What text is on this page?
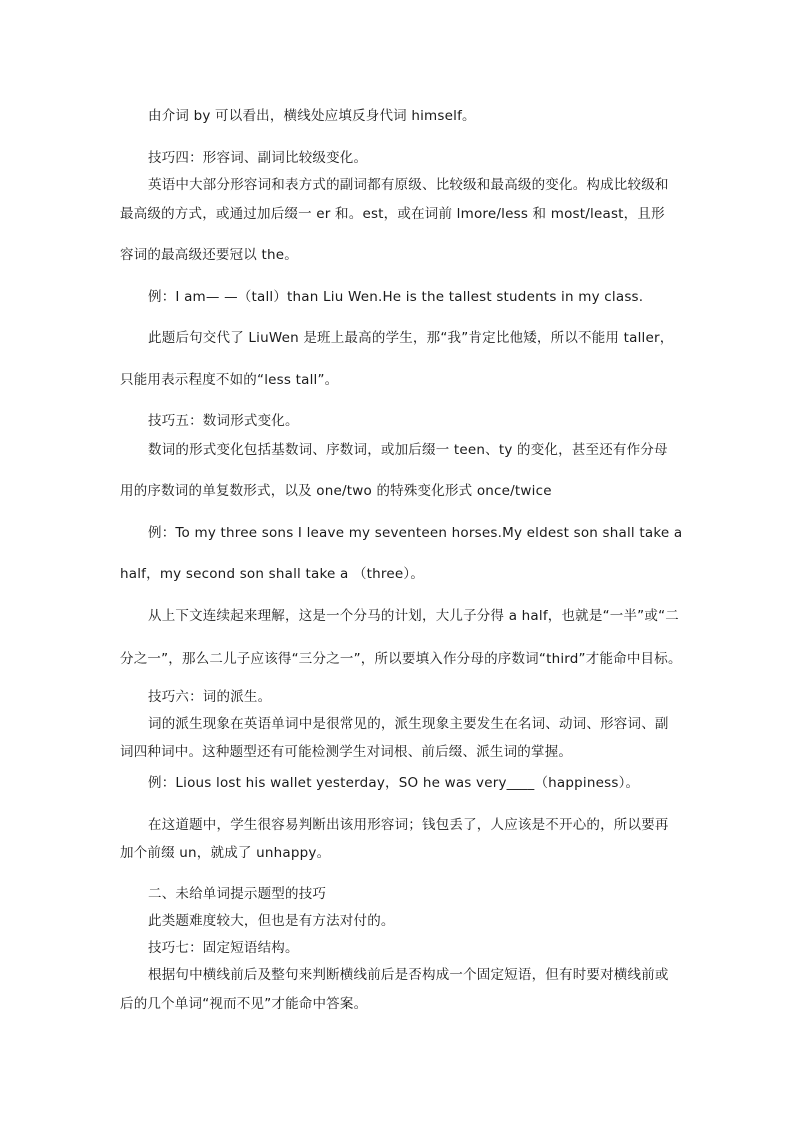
由介词 by 可以看出，横线处应填反身代词 himself。
技巧四：形容词、副词比较级变化。
英语中大部分形容词和表方式的副词都有原级、比较级和最高级的变化。构成比较级和
最高级的方式，或通过加后缀一 er 和。est，或在词前 lmore/less 和 most/least，且形
容词的最高级还要冠以 the。
例：I am— —（tall）than Liu Wen.He is the tallest students in my class.
此题后句交代了 LiuWen 是班上最高的学生，那“我”肯定比他矮，所以不能用 taller，
只能用表示程度不如的“less tall”。
技巧五：数词形式变化。
数词的形式变化包括基数词、序数词，或加后缀一 teen、ty 的变化，甚至还有作分母
用的序数词的单复数形式，以及 one/two 的特殊变化形式 once/twice
例：To my three sons I leave my seventeen horses.My eldest son shall take a
half，my second son shall take a （three）。
从上下文连续起来理解，这是一个分马的计划，大儿子分得 a half，也就是“一半”或“二
分之一”，那么二儿子应该得“三分之一”，所以要填入作分母的序数词“third”才能命中目标。
技巧六：词的派生。
词的派生现象在英语单词中是很常见的，派生现象主要发生在名词、动词、形容词、副
词四种词中。这种题型还有可能检测学生对词根、前后缀、派生词的掌握。
例：Lious lost his wallet yesterday，SO he was very____（happiness）。
在这道题中，学生很容易判断出该用形容词；钱包丢了，人应该是不开心的，所以要再
加个前缀 un，就成了 unhappy。
二、未给单词提示题型的技巧
此类题难度较大，但也是有方法对付的。
技巧七：固定短语结构。
根据句中横线前后及整句来判断横线前后是否构成一个固定短语，但有时要对横线前或
后的几个单词“视而不见”才能命中答案。
